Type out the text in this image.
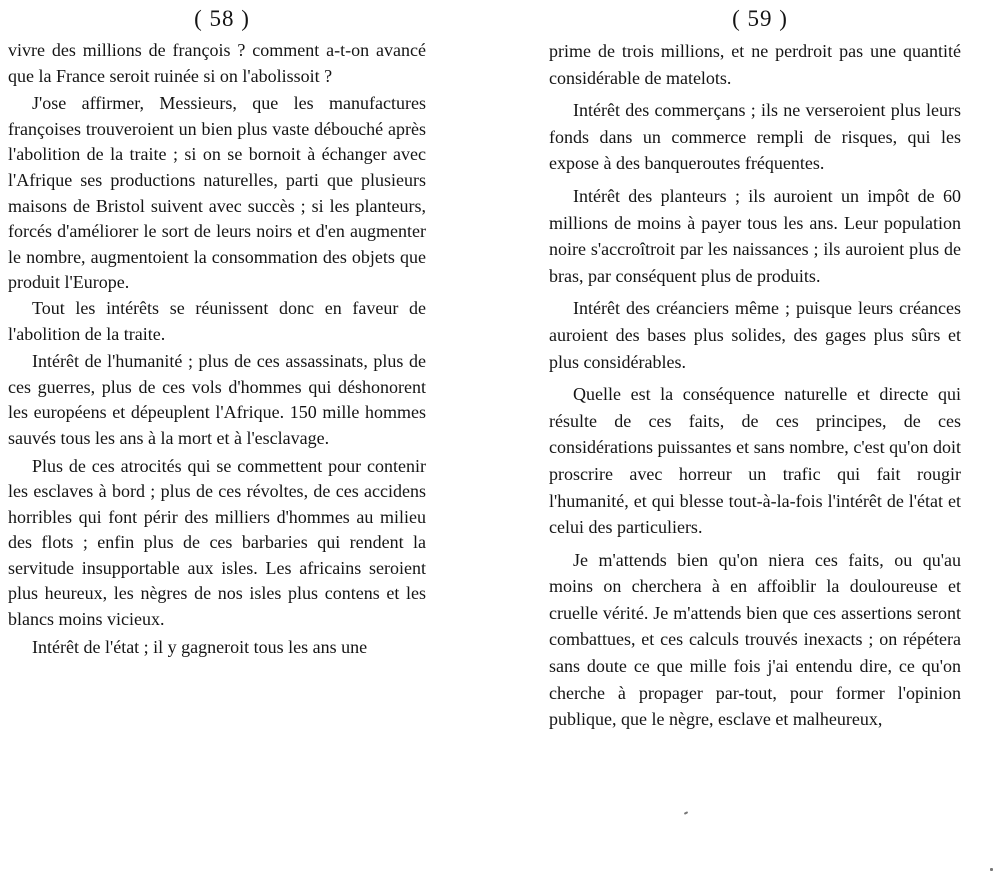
( 58 )

vivre des millions de françois ? comment a-t-on avancé que la France seroit ruinée si on l'abolissoit ?

J'ose affirmer, Messieurs, que les manufactures françoises trouveroient un bien plus vaste débouché après l'abolition de la traite ; si on se bornoit à échanger avec l'Afrique ses productions naturelles, parti que plusieurs maisons de Bristol suivent avec succès ; si les planteurs, forcés d'améliorer le sort de leurs noirs et d'en augmenter le nombre, augmentoient la consommation des objets que produit l'Europe.

Tout les intérêts se réunissent donc en faveur de l'abolition de la traite.

Intérêt de l'humanité ; plus de ces assassinats, plus de ces guerres, plus de ces vols d'hommes qui déshonorent les européens et dépeuplent l'Afrique. 150 mille hommes sauvés tous les ans à la mort et à l'esclavage.

Plus de ces atrocités qui se commettent pour contenir les esclaves à bord ; plus de ces révoltes, de ces accidens horribles qui font périr des milliers d'hommes au milieu des flots ; enfin plus de ces barbaries qui rendent la servitude insupportable aux isles. Les africains seroient plus heureux, les nègres de nos isles plus contens et les blancs moins vicieux.

Intérêt de l'état ; il y gagneroit tous les ans une

( 59 )

prime de trois millions, et ne perdroit pas une quantité considérable de matelots.

Intérêt des commerçans ; ils ne verseroient plus leurs fonds dans un commerce rempli de risques, qui les expose à des banqueroutes fréquentes.

Intérêt des planteurs ; ils auroient un impôt de 60 millions de moins à payer tous les ans. Leur population noire s'accroîtroit par les naissances ; ils auroient plus de bras, par conséquent plus de produits.

Intérêt des créanciers même ; puisque leurs créances auroient des bases plus solides, des gages plus sûrs et plus considérables.

Quelle est la conséquence naturelle et directe qui résulte de ces faits, de ces principes, de ces considérations puissantes et sans nombre, c'est qu'on doit proscrire avec horreur un trafic qui fait rougir l'humanité, et qui blesse tout-à-la-fois l'intérêt de l'état et celui des particuliers.

Je m'attends bien qu'on niera ces faits, ou qu'au moins on cherchera à en affoiblir la douloureuse et cruelle vérité. Je m'attends bien que ces assertions seront combattues, et ces calculs trouvés inexacts ; on répétera sans doute ce que mille fois j'ai entendu dire, ce qu'on cherche à propager par-tout, pour former l'opinion publique, que le nègre, esclave et malheureux,
